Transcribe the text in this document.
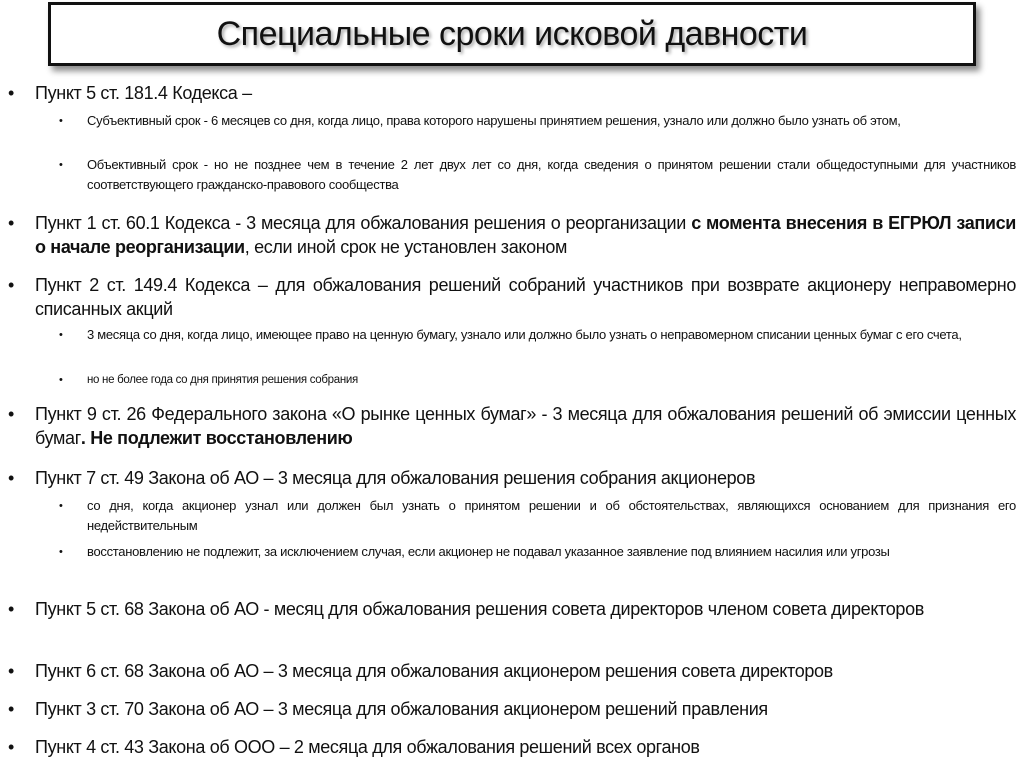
Специальные сроки исковой давности
• Пункт 5 ст. 181.4 Кодекса –
• Субъективный срок - 6 месяцев со дня, когда лицо, права которого нарушены принятием решения, узнало или должно было узнать об этом,
• Объективный срок - но не позднее чем в течение 2 лет двух лет со дня, когда сведения о принятом решении стали общедоступными для участников соответствующего гражданско-правового сообщества
• Пункт 1 ст. 60.1 Кодекса - 3 месяца для обжалования решения о реорганизации с момента внесения в ЕГРЮЛ записи о начале реорганизации, если иной срок не установлен законом
• Пункт 2 ст. 149.4 Кодекса – для обжалования решений собраний участников при возврате акционеру неправомерно списанных акций
• 3 месяца со дня, когда лицо, имеющее право на ценную бумагу, узнало или должно было узнать о неправомерном списании ценных бумаг с его счета,
• но не более года со дня принятия решения собрания
• Пункт 9 ст. 26 Федерального закона «О рынке ценных бумаг» - 3 месяца для обжалования решений об эмиссии ценных бумаг. Не подлежит восстановлению
• Пункт 7 ст. 49 Закона об АО – 3 месяца для обжалования решения собрания акционеров
• со дня, когда акционер узнал или должен был узнать о принятом решении и об обстоятельствах, являющихся основанием для признания его недействительным
• восстановлению не подлежит, за исключением случая, если акционер не подавал указанное заявление под влиянием насилия или угрозы
• Пункт 5 ст. 68 Закона об АО - месяц для обжалования решения совета директоров членом совета директоров
• Пункт 6 ст. 68 Закона об АО – 3 месяца для обжалования акционером решения совета директоров
• Пункт 3 ст. 70 Закона об АО – 3 месяца для обжалования акционером решений правления
• Пункт 4 ст. 43 Закона об ООО – 2 месяца для обжалования решений всех органов
